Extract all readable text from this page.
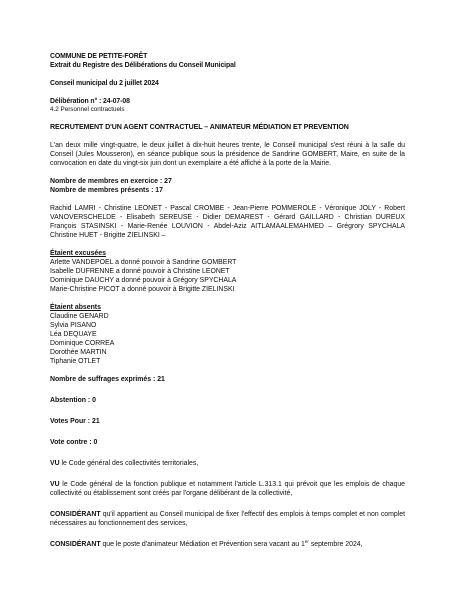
COMMUNE DE PETITE-FORÊT
Extrait du Registre des Délibérations du Conseil Municipal
Conseil municipal du 2 juillet 2024
Délibération n° : 24-07-08
4.2 Personnel contractuels
RECRUTEMENT D'UN AGENT CONTRACTUEL – ANIMATEUR MÉDIATION ET PREVENTION

L'an deux mille vingt-quatre, le deux juillet à dix-huit heures trente, le Conseil municipal s'est réuni à la salle du Conseil (Jules Mousseron), en séance publique sous la présidence de Sandrine GOMBERT, Maire, en suite de la convocation en date du vingt-six juin dont un exemplaire a été affiché à la porte de la Mairie.

Nombre de membres en exercice : 27
Nombre de membres présents : 17

Rachid LAMRI - Christine LEONET - Pascal CROMBE - Jean-Pierre POMMEROLE - Véronique JOLY - Robert VANOVERSCHELDE - Elisabeth SEREUSE - Didier DEMAREST - Gérard GAILLARD - Christian DUREUX François STASINSKI - Marie-Renée LOUVION - Abdel-Aziz AITLAMAALEMAHMED – Grégrory SPYCHALA Christine HUET - Brigitte ZIELINSKI –

Étaient excusées
Arlette VANDEPOEL a donné pouvoir à Sandrine GOMBERT
Isabelle DUFRENNE a donné pouvoir à Christine LEONET
Dominique DAUCHY a donné pouvoir à Grégory SPYCHALA
Marie-Christine PICOT a donné pouvoir à Brigitte ZIELINSKI
Étaient absents
Claudine GENARD
Sylvia PISANO
Léa DEQUAYE
Dominique CORREA
Dorothée MARTIN
Tiphanie OTLET
Nombre de suffrages exprimés : 21
Abstention : 0
Votes Pour : 21
Vote contre : 0

VU le Code général des collectivités territoriales,

VU le Code général de la fonction publique et notamment l'article L.313.1 qui prévoit que les emplois de chaque collectivité ou établissement sont créés par l'organe délibérant de la collectivité,

CONSIDÉRANT qu'il appartient au Conseil municipal de fixer l'effectif des emplois à temps complet et non complet nécessaires au fonctionnement des services,

CONSIDÉRANT que le poste d'animateur Médiation et Prévention sera vacant au 1er septembre 2024,
